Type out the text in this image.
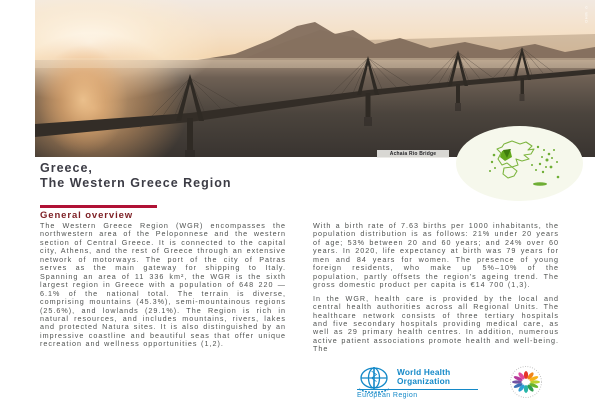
© WHO
Achaia Rio Bridge
Greece,
The Western Greece Region
General overview

The Western Greece Region (WGR) encompasses the northwestern area of the Peloponnese and the western section of Central Greece. It is connected to the capital city, Athens, and the rest of Greece through an extensive network of motorways. The port of the city of Patras serves as the main gateway for shipping to Italy. Spanning an area of 11 336 km², the WGR is the sixth largest region in Greece with a population of 648 220 — 6.1% of the national total. The terrain is diverse, comprising mountains (45.3%), semi-mountainous regions (25.6%), and lowlands (29.1%). The Region is rich in natural resources, and includes mountains, rivers, lakes and protected Natura sites. It is also distinguished by an impressive coastline and beautiful seas that offer unique recreation and wellness opportunities (1,2).

With a birth rate of 7.63 births per 1000 inhabitants, the population distribution is as follows: 21% under 20 years of age; 53% between 20 and 60 years; and 24% over 60 years. In 2020, life expectancy at birth was 79 years for men and 84 years for women. The presence of young foreign residents, who make up 5%–10% of the population, partly offsets the region's ageing trend. The gross domestic product per capita is €14 700 (1,3).

In the WGR, health care is provided by the local and central health authorities across all Regional Units. The healthcare network consists of three tertiary hospitals and five secondary hospitals providing medical care, as well as 29 primary health centres. In addition, numerous active patient associations promote health and well-being. The

World Health
Organization
European Region
